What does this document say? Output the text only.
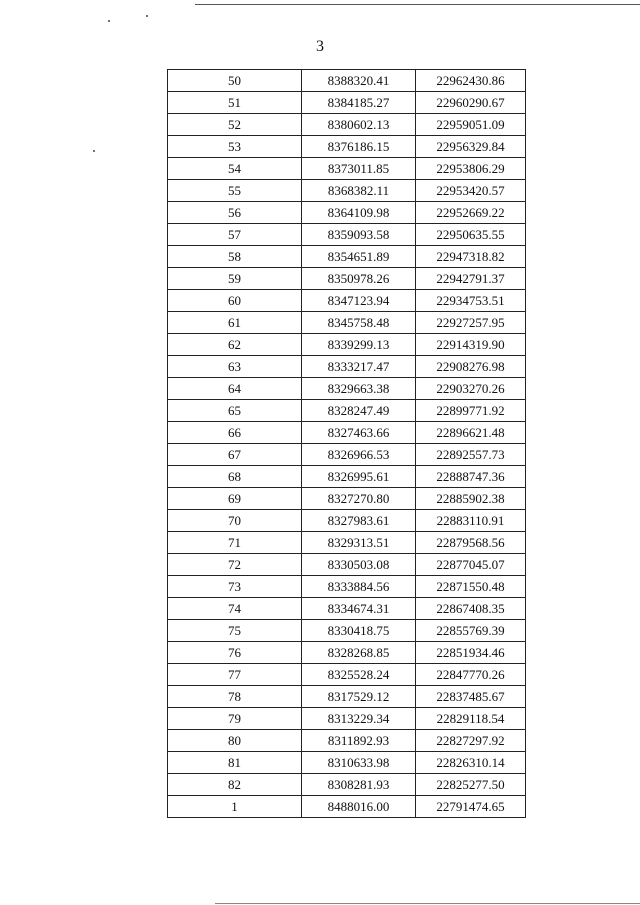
3
50	8388320.41	22962430.86
51	8384185.27	22960290.67
52	8380602.13	22959051.09
53	8376186.15	22956329.84
54	8373011.85	22953806.29
55	8368382.11	22953420.57
56	8364109.98	22952669.22
57	8359093.58	22950635.55
58	8354651.89	22947318.82
59	8350978.26	22942791.37
60	8347123.94	22934753.51
61	8345758.48	22927257.95
62	8339299.13	22914319.90
63	8333217.47	22908276.98
64	8329663.38	22903270.26
65	8328247.49	22899771.92
66	8327463.66	22896621.48
67	8326966.53	22892557.73
68	8326995.61	22888747.36
69	8327270.80	22885902.38
70	8327983.61	22883110.91
71	8329313.51	22879568.56
72	8330503.08	22877045.07
73	8333884.56	22871550.48
74	8334674.31	22867408.35
75	8330418.75	22855769.39
76	8328268.85	22851934.46
77	8325528.24	22847770.26
78	8317529.12	22837485.67
79	8313229.34	22829118.54
80	8311892.93	22827297.92
81	8310633.98	22826310.14
82	8308281.93	22825277.50
1	8488016.00	22791474.65
